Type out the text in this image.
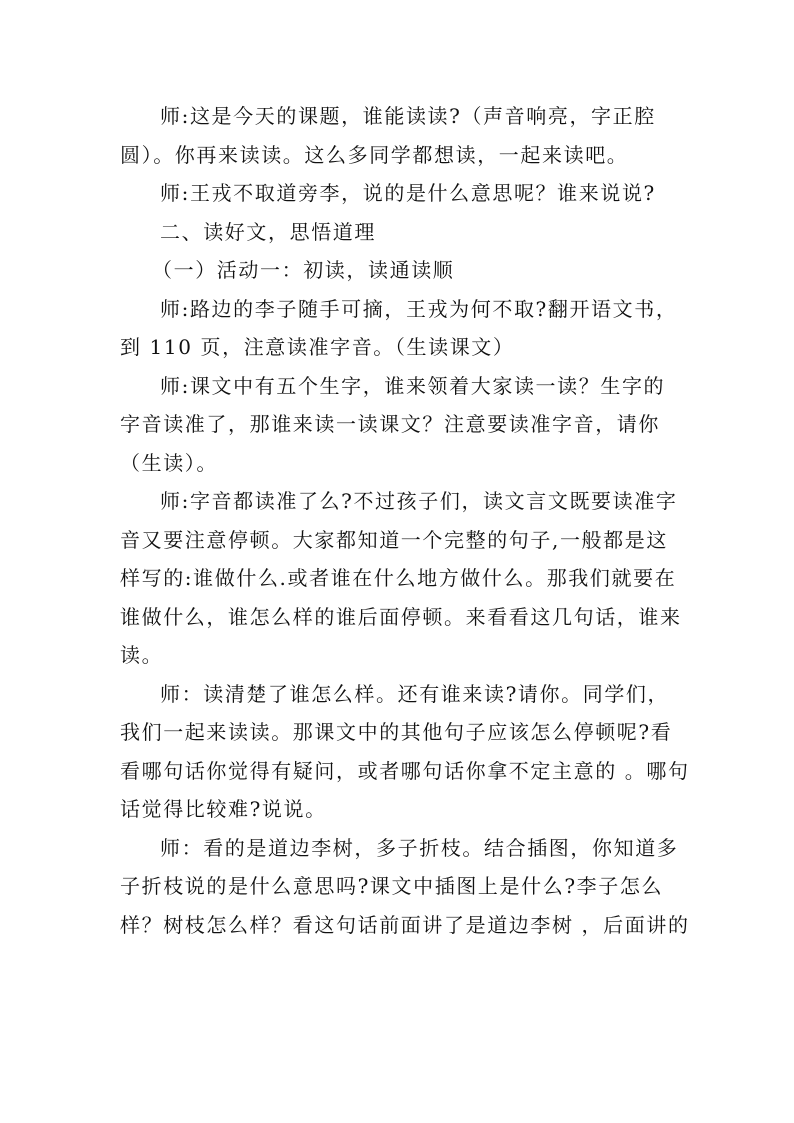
师:这是今天的课题，谁能读读?（声音响亮，字正腔
圆）。你再来读读。这么多同学都想读，一起来读吧。

师:王戎不取道旁李，说的是什么意思呢？谁来说说?

二、读好文，思悟道理

（一）活动一：初读，读通读顺

师:路边的李子随手可摘，王戎为何不取?翻开语文书，
到 110 页，注意读准字音。（生读课文）

师:课文中有五个生字，谁来领着大家读一读？生字的
字音读准了，那谁来读一读课文？注意要读准字音，请你
（生读）。

师:字音都读准了么?不过孩子们，读文言文既要读准字
音又要注意停顿。大家都知道一个完整的句子,一般都是这
样写的:谁做什么.或者谁在什么地方做什么。那我们就要在
谁做什么，谁怎么样的谁后面停顿。来看看这几句话，谁来
读。

师：读清楚了谁怎么样。还有谁来读?请你。同学们，
我们一起来读读。那课文中的其他句子应该怎么停顿呢?看
看哪句话你觉得有疑问，或者哪句话你拿不定主意的 。哪句
话觉得比较难?说说。

师：看的是道边李树，多子折枝。结合插图，你知道多
子折枝说的是什么意思吗?课文中插图上是什么?李子怎么
样？树枝怎么样？看这句话前面讲了是道边李树 ，后面讲的
